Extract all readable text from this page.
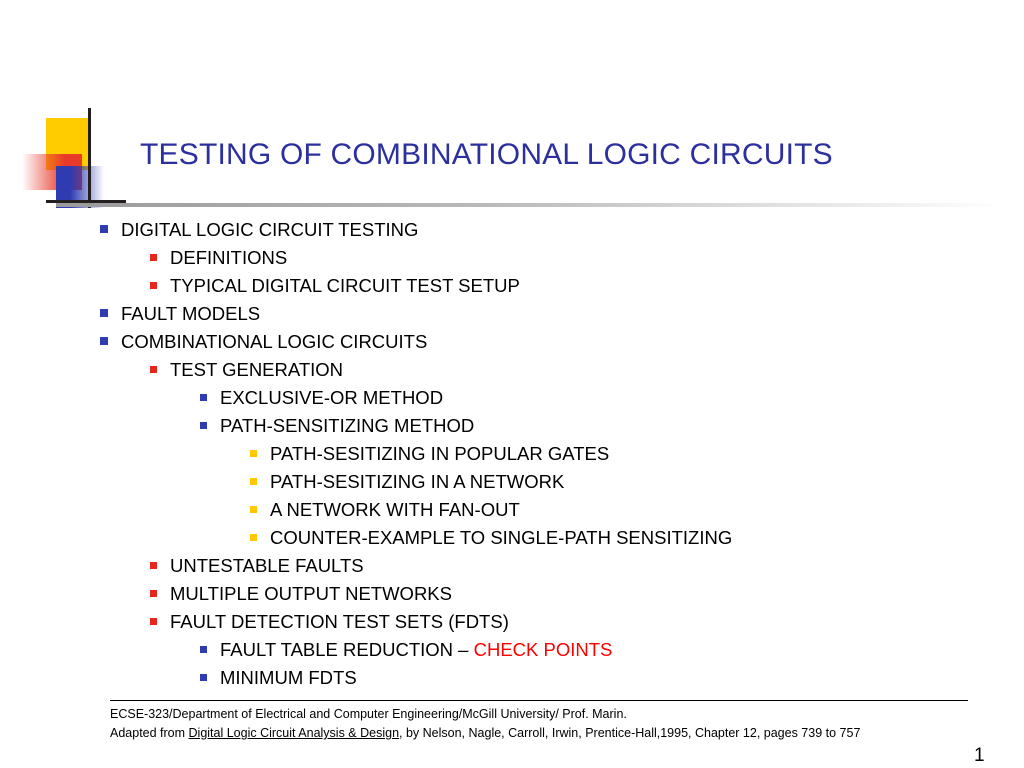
TESTING OF COMBINATIONAL LOGIC CIRCUITS
DIGITAL LOGIC CIRCUIT TESTING
DEFINITIONS
TYPICAL DIGITAL CIRCUIT TEST SETUP
FAULT MODELS
COMBINATIONAL LOGIC CIRCUITS
TEST GENERATION
EXCLUSIVE-OR METHOD
PATH-SENSITIZING METHOD
PATH-SESITIZING IN POPULAR GATES
PATH-SESITIZING IN A NETWORK
A NETWORK WITH FAN-OUT
COUNTER-EXAMPLE TO SINGLE-PATH SENSITIZING
UNTESTABLE FAULTS
MULTIPLE OUTPUT NETWORKS
FAULT DETECTION TEST SETS (FDTS)
FAULT TABLE REDUCTION – CHECK POINTS
MINIMUM FDTS
ECSE-323/Department of Electrical and Computer Engineering/McGill University/ Prof. Marin.
Adapted from Digital Logic Circuit Analysis & Design, by Nelson, Nagle, Carroll, Irwin, Prentice-Hall,1995, Chapter 12, pages 739 to 757
1
